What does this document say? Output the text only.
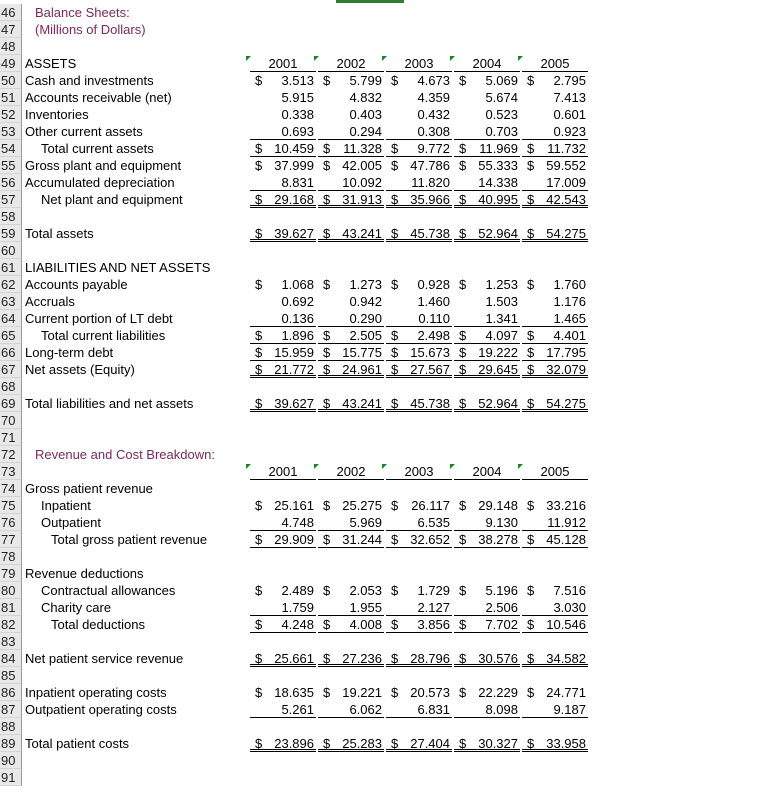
46
47
48
49
50
51
52
53
54
55
56
57
58
59
60
61
62
63
64
65
66
67
68
69
70
71
72
73
74
75
76
77
78
79
80
81
82
83
84
85
86
87
88
89
90
91
Balance Sheets:
(Millions of Dollars)
ASSETS	2001	2002	2003	2004	2005
Cash and investments	$ 3.513 $ 5.799 $ 4.673 $ 5.069 $ 2.795
Accounts receivable (net)	5.915	4.832	4.359	5.674	7.413
Inventories	0.338	0.403	0.432	0.523	0.601
Other current assets	0.693	0.294	0.308	0.703	0.923
Total current assets	$ 10.459 $ 11.328 $ 9.772 $ 11.969 $ 11.732
Gross plant and equipment	$ 37.999 $ 42.005 $ 47.786 $ 55.333 $ 59.552
Accumulated depreciation	8.831	10.092	11.820	14.338	17.009
Net plant and equipment	$ 29.168 $ 31.913 $ 35.966 $ 40.995 $ 42.543
Total assets	$ 39.627 $ 43.241 $ 45.738 $ 52.964 $ 54.275
LIABILITIES AND NET ASSETS
Accounts payable	$ 1.068 $ 1.273 $ 0.928 $ 1.253 $ 1.760
Accruals	0.692	0.942	1.460	1.503	1.176
Current portion of LT debt	0.136	0.290	0.110	1.341	1.465
Total current liabilities	$ 1.896 $ 2.505 $ 2.498 $ 4.097 $ 4.401
Long-term debt	$ 15.959 $ 15.775 $ 15.673 $ 19.222 $ 17.795
Net assets (Equity)	$ 21.772 $ 24.961 $ 27.567 $ 29.645 $ 32.079
Total liabilities and net assets	$ 39.627 $ 43.241 $ 45.738 $ 52.964 $ 54.275
Revenue and Cost Breakdown:
2001	2002	2003	2004	2005
Gross patient revenue
Inpatient	$ 25.161 $ 25.275 $ 26.117 $ 29.148 $ 33.216
Outpatient	4.748	5.969	6.535	9.130	11.912
Total gross patient revenue	$ 29.909 $ 31.244 $ 32.652 $ 38.278 $ 45.128
Revenue deductions
Contractual allowances	$ 2.489 $ 2.053 $ 1.729 $ 5.196 $ 7.516
Charity care	1.759	1.955	2.127	2.506	3.030
Total deductions	$ 4.248 $ 4.008 $ 3.856 $ 7.702 $ 10.546
Net patient service revenue	$ 25.661 $ 27.236 $ 28.796 $ 30.576 $ 34.582
Inpatient operating costs	$ 18.635 $ 19.221 $ 20.573 $ 22.229 $ 24.771
Outpatient operating costs	5.261	6.062	6.831	8.098	9.187
Total patient costs	$ 23.896 $ 25.283 $ 27.404 $ 30.327 $ 33.958
